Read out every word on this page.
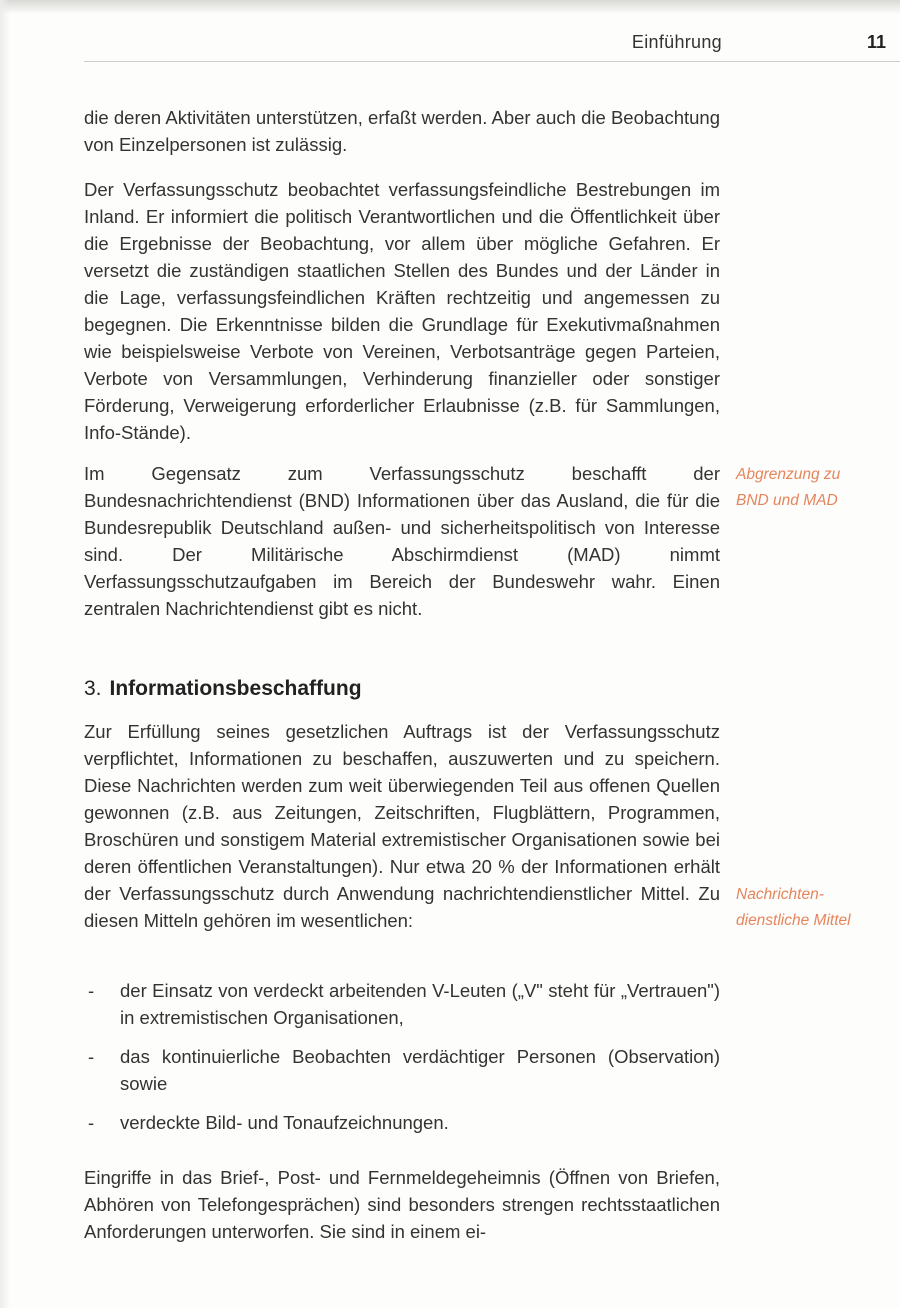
Einführung	11

die deren Aktivitäten unterstützen, erfaßt werden. Aber auch die Beobachtung von Einzelpersonen ist zulässig.

Der Verfassungsschutz beobachtet verfassungsfeindliche Bestrebungen im Inland. Er informiert die politisch Verantwortlichen und die Öffentlichkeit über die Ergebnisse der Beobachtung, vor allem über mögliche Gefahren. Er versetzt die zuständigen staatlichen Stellen des Bundes und der Länder in die Lage, verfassungsfeindlichen Kräften rechtzeitig und angemessen zu begegnen. Die Erkenntnisse bilden die Grundlage für Exekutivmaßnahmen wie beispielsweise Verbote von Vereinen, Verbotsanträge gegen Parteien, Verbote von Versammlungen, Verhinderung finanzieller oder sonstiger Förderung, Verweigerung erforderlicher Erlaubnisse (z.B. für Sammlungen, Info-Stände).

Im Gegensatz zum Verfassungsschutz beschafft der Bundesnachrichtendienst (BND) Informationen über das Ausland, die für die Bundesrepublik Deutschland außen- und sicherheitspolitisch von Interesse sind. Der Militärische Abschirmdienst (MAD) nimmt Verfassungsschutzaufgaben im Bereich der Bundeswehr wahr. Einen zentralen Nachrichtendienst gibt es nicht.

Abgrenzung zu
BND und MAD
3. Informationsbeschaffung

Zur Erfüllung seines gesetzlichen Auftrags ist der Verfassungsschutz verpflichtet, Informationen zu beschaffen, auszuwerten und zu speichern. Diese Nachrichten werden zum weit überwiegenden Teil aus offenen Quellen gewonnen (z.B. aus Zeitungen, Zeitschriften, Flugblättern, Programmen, Broschüren und sonstigem Material extremistischer Organisationen sowie bei deren öffentlichen Veranstaltungen). Nur etwa 20 % der Informationen erhält der Verfassungsschutz durch Anwendung nachrichtendienstlicher Mittel. Zu diesen Mitteln gehören im wesentlichen:

Nachrichten-
dienstliche Mittel
- der Einsatz von verdeckt arbeitenden V-Leuten („V" steht für „Vertrauen") in extremistischen Organisationen,
- das kontinuierliche Beobachten verdächtiger Personen (Observation) sowie
- verdeckte Bild- und Tonaufzeichnungen.

Eingriffe in das Brief-, Post- und Fernmeldegeheimnis (Öffnen von Briefen, Abhören von Telefongesprächen) sind besonders strengen rechtsstaatlichen Anforderungen unterworfen. Sie sind in einem ei-
